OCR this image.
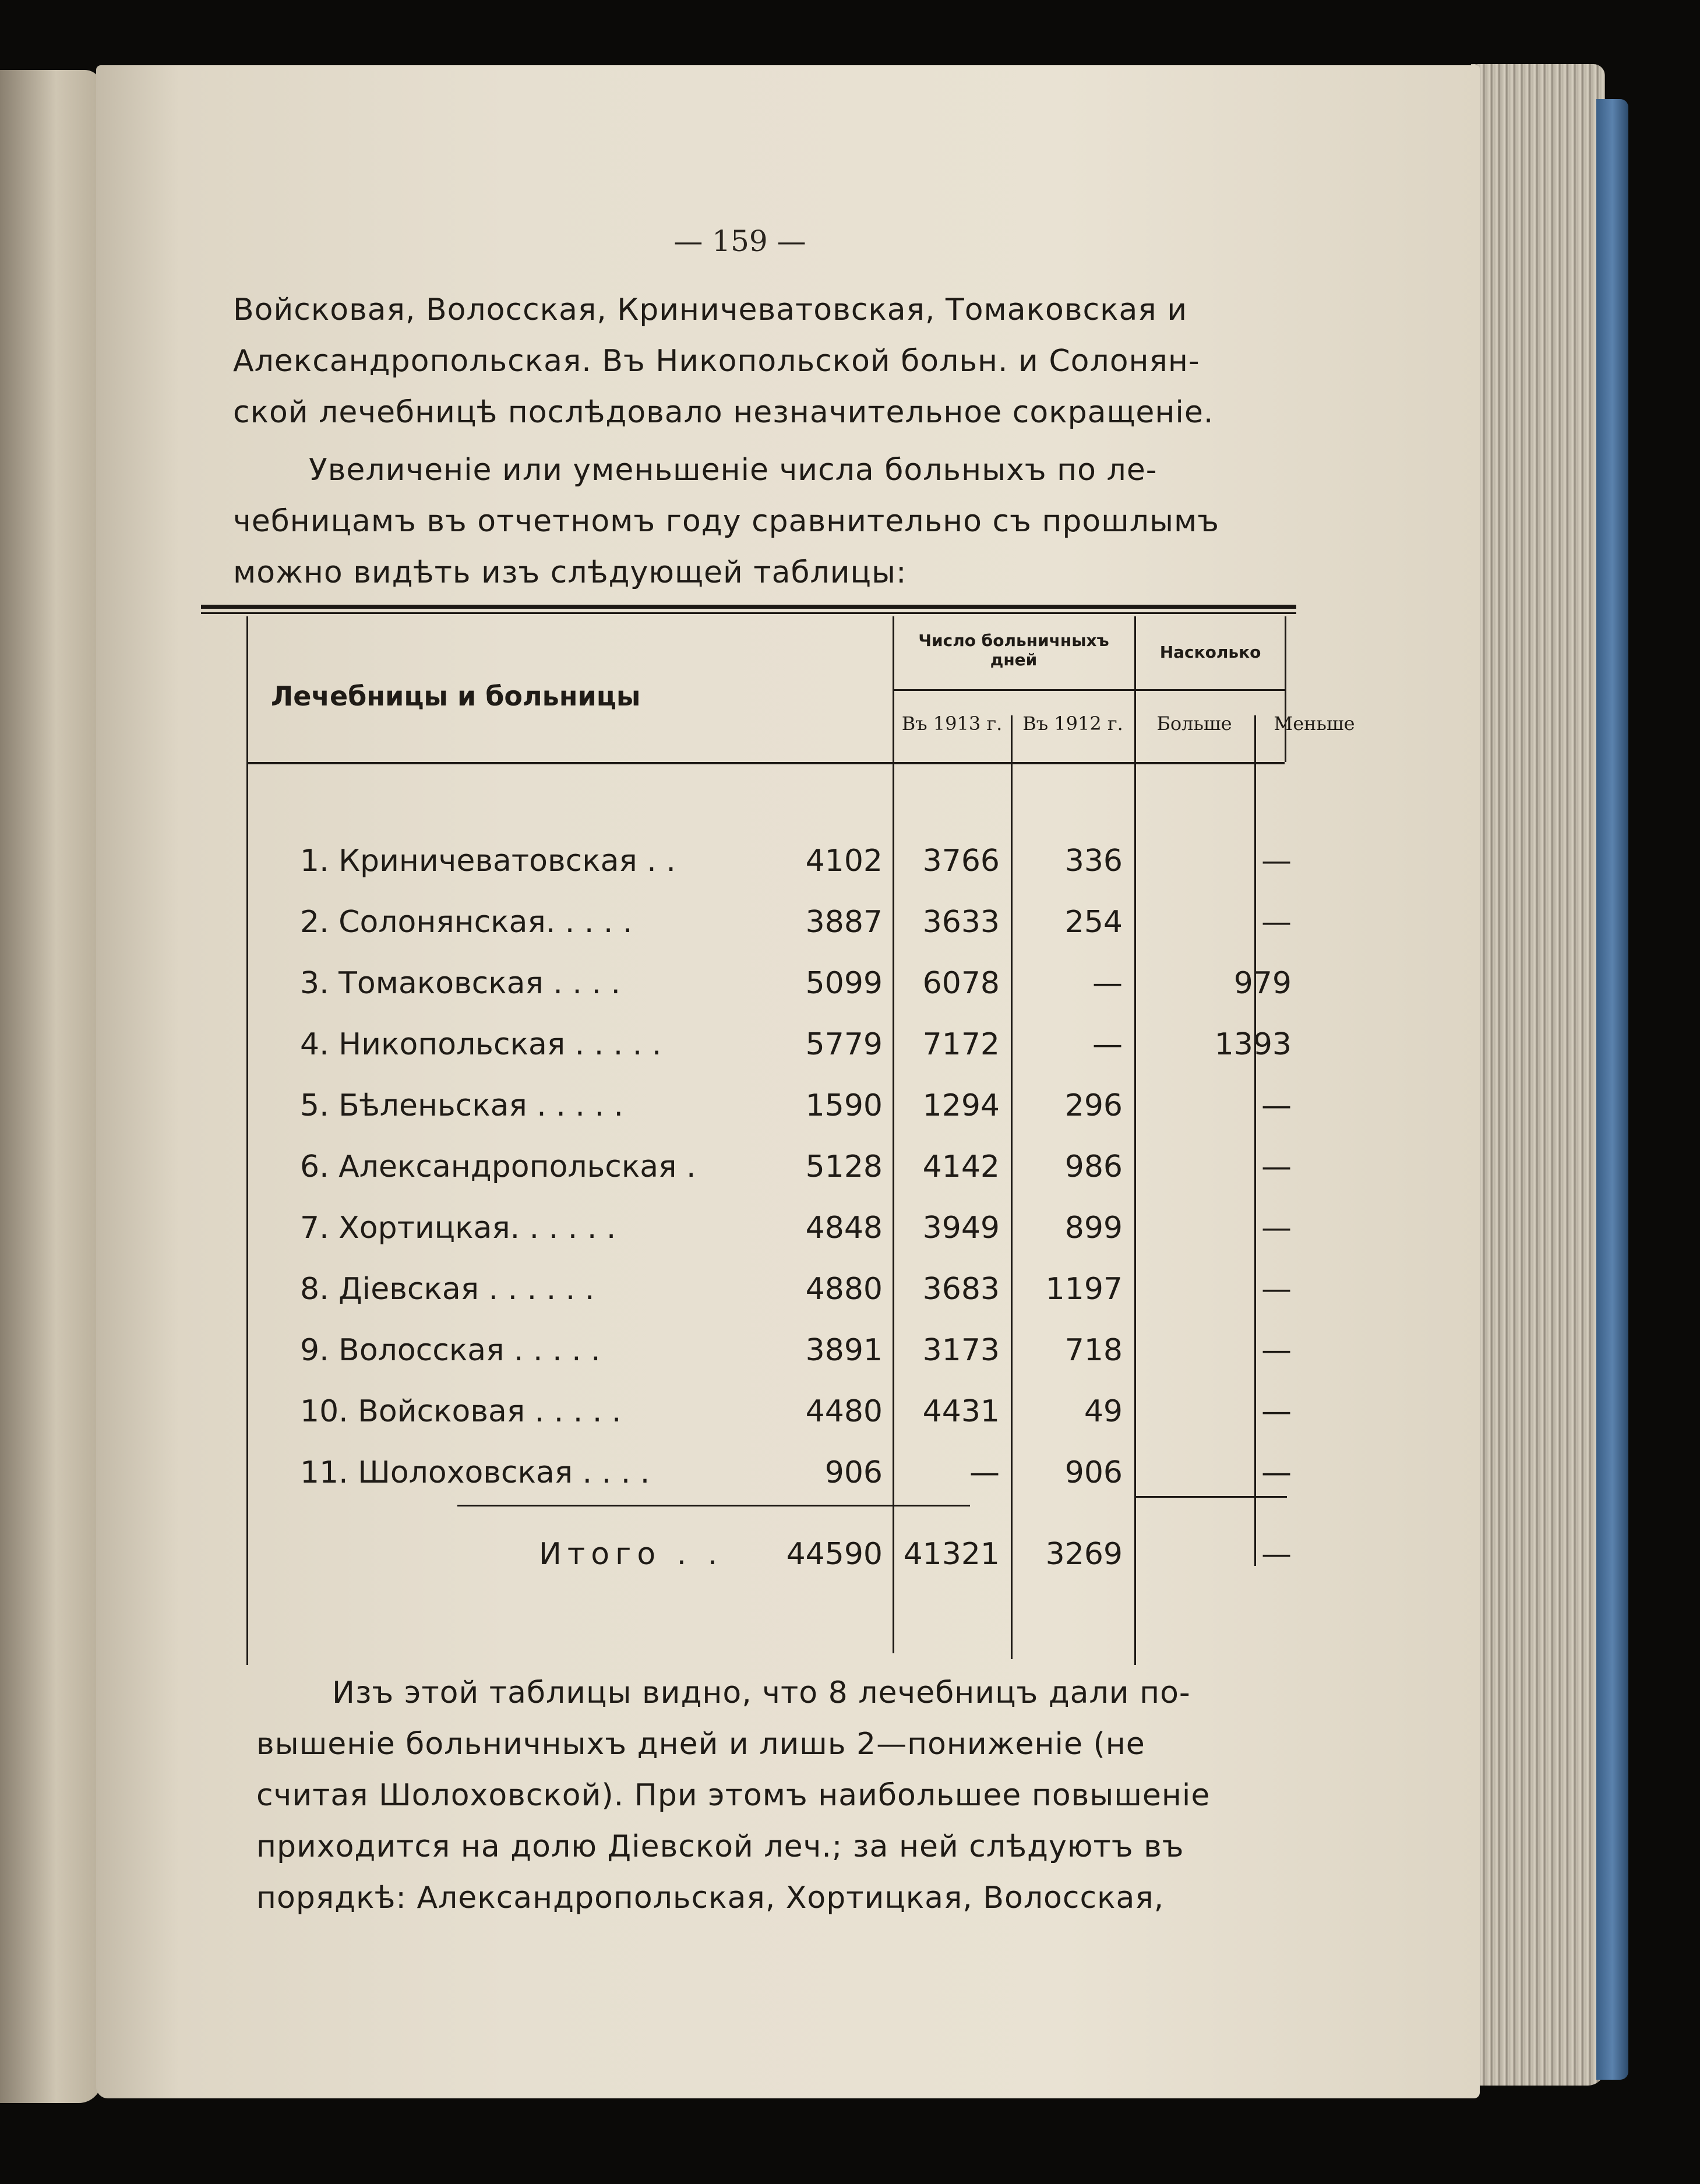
— 159 —

Войсковая, Волосская, Криничеватовская, Томаковская и

Александропольская. Въ Никопольской больн. и Солонян-

ской лечебницѣ послѣдовало незначительное сокращеніе.

Увеличеніе или уменьшеніе числа больныхъ по ле-

чебницамъ въ отчетномъ году сравнительно съ прошлымъ

можно видѣть изъ слѣдующей таблицы:

Лечебницы и больницы
Число больничныхъ дней	Насколько
Въ 1913 г.	Въ 1912 г.	Больше	Меньше
1. Криничеватовская . .	4102	3766	336	—
2. Солонянская. . . . .	3887	3633	254	—
3. Томаковская . . . .	5099	6078	—	979
4. Никопольская . . . . .	5779	7172	—	1393
5. Бѣленьская . . . . .	1590	1294	296	—
6. Александропольская .	5128	4142	986	—
7. Хортицкая. . . . . .	4848	3949	899	—
8. Діевская . . . . . .	4880	3683	1197	—
9. Волосская . . . . .	3891	3173	718	—
10. Войсковая . . . . .	4480	4431	49	—
11. Шолоховская . . . .	906	—	906	—
Итого . .	44590 41321	3269	—

Изъ этой таблицы видно, что 8 лечебницъ дали по-

вышеніе больничныхъ дней и лишь 2—пониженіе (не

считая Шолоховской). При этомъ наибольшее повышеніе

приходится на долю Діевской леч.; за ней слѣдуютъ въ

порядкѣ: Александропольская, Хортицкая, Волосская,
